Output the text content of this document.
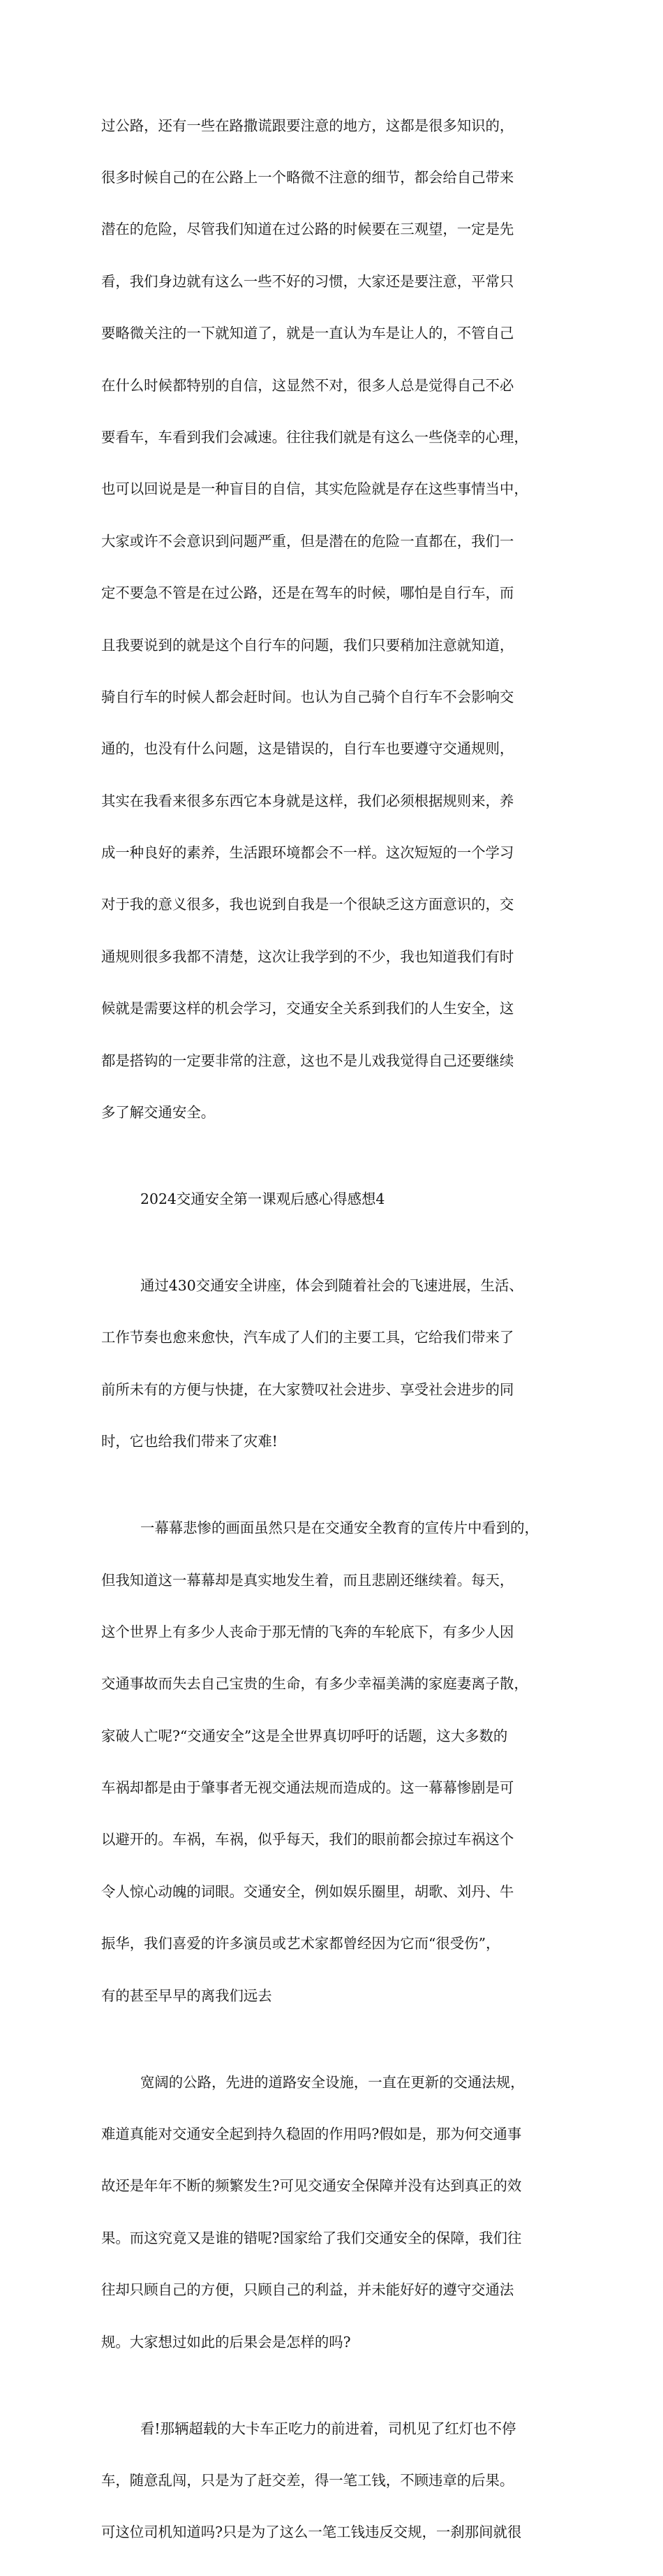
过公路，还有一些在路撒谎跟要注意的地方，这都是很多知识的，

很多时候自己的在公路上一个略微不注意的细节，都会给自己带来

潜在的危险，尽管我们知道在过公路的时候要在三观望，一定是先

看，我们身边就有这么一些不好的习惯，大家还是要注意，平常只

要略微关注的一下就知道了，就是一直认为车是让人的，不管自己

在什么时候都特别的自信，这显然不对，很多人总是觉得自己不必

要看车，车看到我们会减速。往往我们就是有这么一些侥幸的心理，

也可以回说是是一种盲目的自信，其实危险就是存在这些事情当中，

大家或许不会意识到问题严重，但是潜在的危险一直都在，我们一

定不要急不管是在过公路，还是在驾车的时候，哪怕是自行车，而

且我要说到的就是这个自行车的问题，我们只要稍加注意就知道，

骑自行车的时候人都会赶时间。也认为自己骑个自行车不会影响交

通的，也没有什么问题，这是错误的，自行车也要遵守交通规则，

其实在我看来很多东西它本身就是这样，我们必须根据规则来，养

成一种良好的素养，生活跟环境都会不一样。这次短短的一个学习

对于我的意义很多，我也说到自我是一个很缺乏这方面意识的，交

通规则很多我都不清楚，这次让我学到的不少，我也知道我们有时

候就是需要这样的机会学习，交通安全关系到我们的人生安全，这

都是搭钩的一定要非常的注意，这也不是儿戏我觉得自己还要继续

多了解交通安全。

2024交通安全第一课观后感心得感想4

通过430交通安全讲座，体会到随着社会的飞速进展，生活、

工作节奏也愈来愈快，汽车成了人们的主要工具，它给我们带来了

前所未有的方便与快捷，在大家赞叹社会进步、享受社会进步的同

时，它也给我们带来了灾难!

一幕幕悲惨的画面虽然只是在交通安全教育的宣传片中看到的，

但我知道这一幕幕却是真实地发生着，而且悲剧还继续着。每天，

这个世界上有多少人丧命于那无情的飞奔的车轮底下，有多少人因

交通事故而失去自己宝贵的生命，有多少幸福美满的家庭妻离子散，

家破人亡呢?“交通安全”这是全世界真切呼吁的话题，这大多数的

车祸却都是由于肇事者无视交通法规而造成的。这一幕幕惨剧是可

以避开的。车祸，车祸，似乎每天，我们的眼前都会掠过车祸这个

令人惊心动魄的词眼。交通安全，例如娱乐圈里，胡歌、刘丹、牛

振华，我们喜爱的许多演员或艺术家都曾经因为它而“很受伤”，

有的甚至早早的离我们远去

宽阔的公路，先进的道路安全设施，一直在更新的交通法规，

难道真能对交通安全起到持久稳固的作用吗?假如是，那为何交通事

故还是年年不断的频繁发生?可见交通安全保障并没有达到真正的效

果。而这究竟又是谁的错呢?国家给了我们交通安全的保障，我们往

往却只顾自己的方便，只顾自己的利益，并未能好好的遵守交通法

规。大家想过如此的后果会是怎样的吗?

看!那辆超载的大卡车正吃力的前进着，司机见了红灯也不停

车，随意乱闯，只是为了赶交差，得一笔工钱，不顾违章的后果。

可这位司机知道吗?只是为了这么一笔工钱违反交规，一刹那间就很
